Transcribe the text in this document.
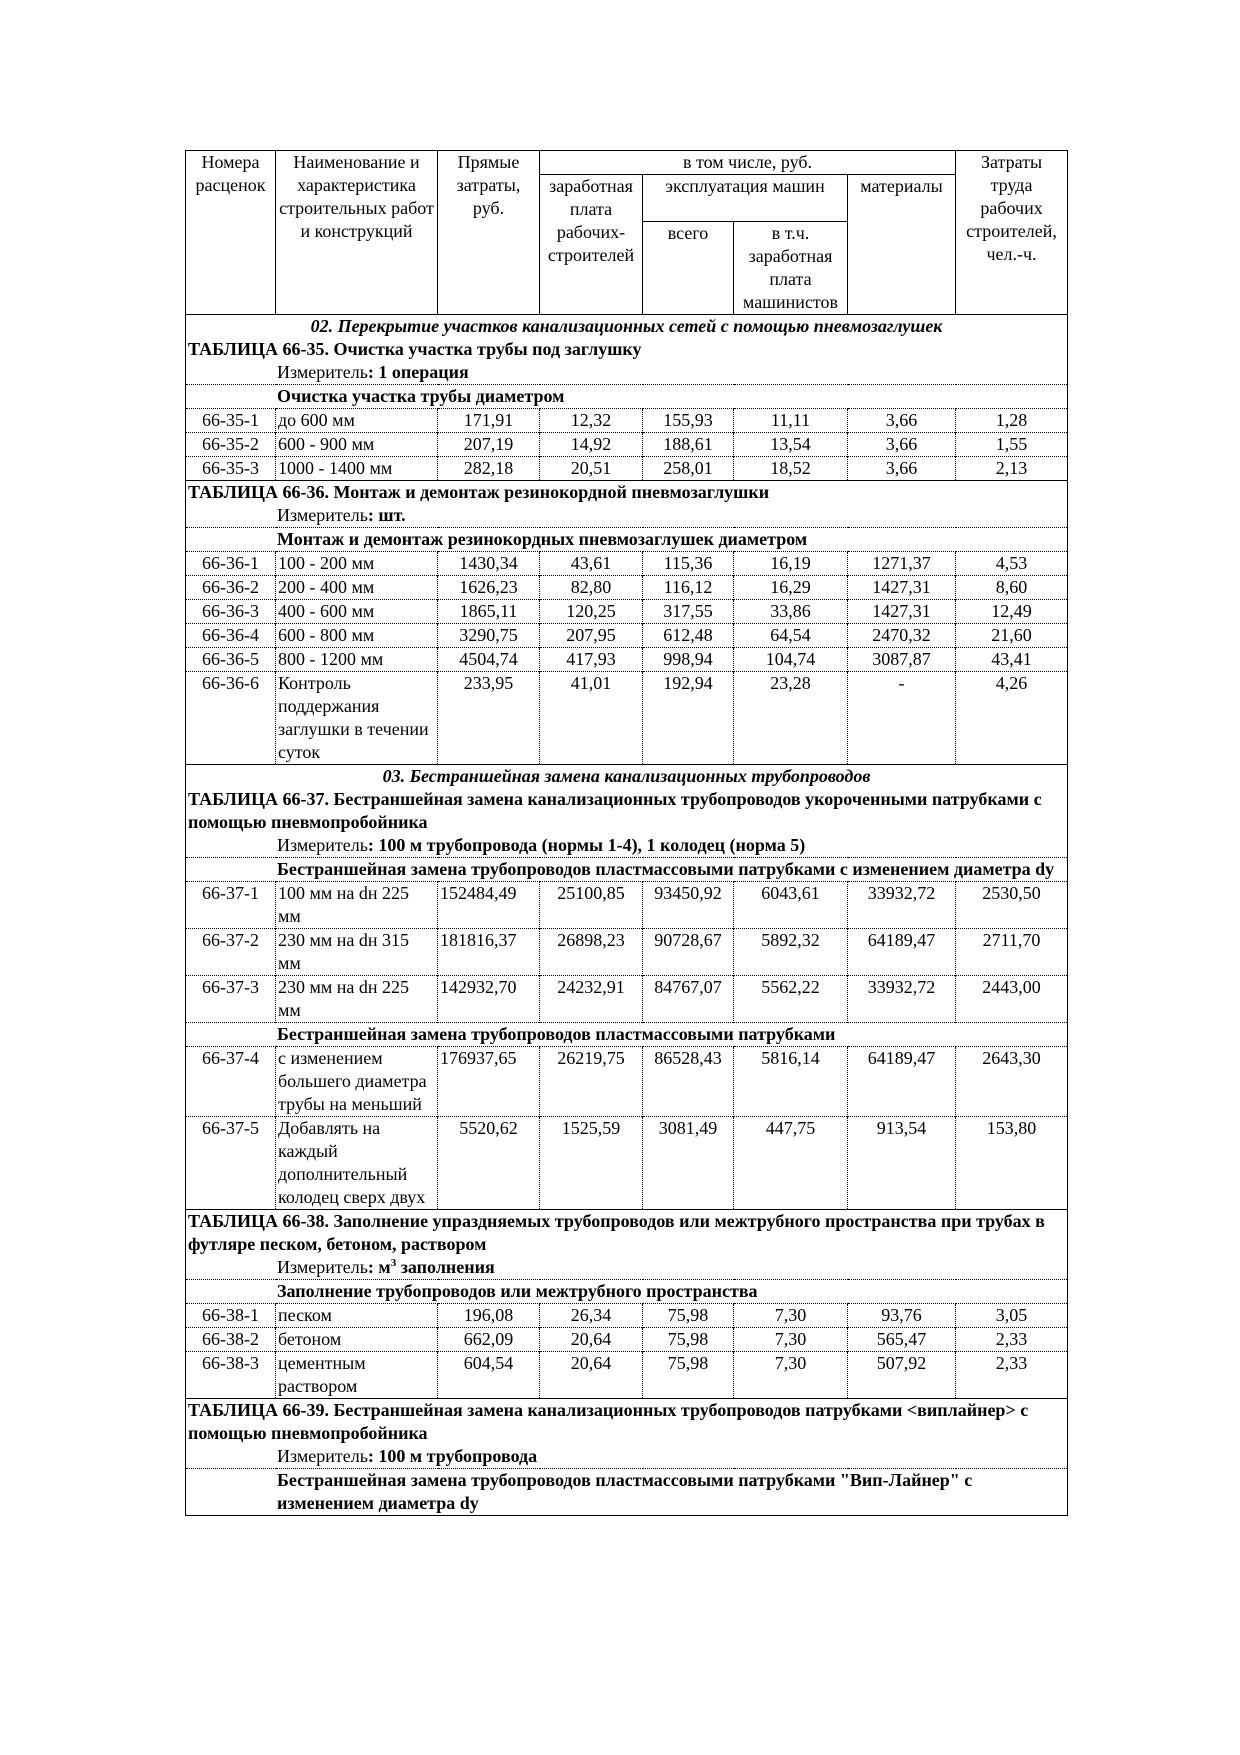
Номера расценок	Наименование и характеристика строительных работ и конструкций	Прямые затраты, руб.	в том числе, руб.				Затраты труда рабочих строителей, чел.-ч.
			заработная плата рабочих-строителей	эксплуатация машин		материалы	
				всего	в т.ч. заработная плата машинистов		
02. Перекрытие участков канализационных сетей с помощью пневмозаглушек							
ТАБЛИЦА 66-35. Очистка участка трубы под заглушку							
Измеритель: 1 операция							
Очистка участка трубы диаметром							
66-35-1	до 600 мм	171,91	12,32	155,93	11,11	3,66	1,28
66-35-2	600 - 900 мм	207,19	14,92	188,61	13,54	3,66	1,55
66-35-3	1000 - 1400 мм	282,18	20,51	258,01	18,52	3,66	2,13
ТАБЛИЦА 66-36. Монтаж и демонтаж резинокордной пневмозаглушки							
Измеритель: шт.							
Монтаж и демонтаж резинокордных пневмозаглушек диаметром							
66-36-1	100 - 200 мм	1430,34	43,61	115,36	16,19	1271,37	4,53
66-36-2	200 - 400 мм	1626,23	82,80	116,12	16,29	1427,31	8,60
66-36-3	400 - 600 мм	1865,11	120,25	317,55	33,86	1427,31	12,49
66-36-4	600 - 800 мм	3290,75	207,95	612,48	64,54	2470,32	21,60
66-36-5	800 - 1200 мм	4504,74	417,93	998,94	104,74	3087,87	43,41
66-36-6	Контроль поддержания заглушки в течении суток	233,95	41,01	192,94	23,28	-	4,26
03. Бестраншейная замена канализационных трубопроводов							
ТАБЛИЦА 66-37. Бестраншейная замена канализационных трубопроводов укороченными патрубками с помощью пневмопробойника							
Измеритель: 100 м трубопровода (нормы 1-4), 1 колодец (норма 5)							
Бестраншейная замена трубопроводов пластмассовыми патрубками с изменением диаметра dу							
66-37-1	100 мм на dн 225 мм	152484,49	25100,85	93450,92	6043,61	33932,72	2530,50
66-37-2	230 мм на dн 315 мм	181816,37	26898,23	90728,67	5892,32	64189,47	2711,70
66-37-3	230 мм на dн 225 мм	142932,70	24232,91	84767,07	5562,22	33932,72	2443,00
Бестраншейная замена трубопроводов пластмассовыми патрубками							
66-37-4	с изменением большего диаметра трубы на меньший	176937,65	26219,75	86528,43	5816,14	64189,47	2643,30
66-37-5	Добавлять на каждый дополнительный колодец сверх двух	5520,62	1525,59	3081,49	447,75	913,54	153,80
ТАБЛИЦА 66-38. Заполнение упраздняемых трубопроводов или межтрубного пространства при трубах в футляре песком, бетоном, раствором							
Измеритель: $м^3$ заполнения							
Заполнение трубопроводов или межтрубного пространства							
66-38-1	песком	196,08	26,34	75,98	7,30	93,76	3,05
66-38-2	бетоном	662,09	20,64	75,98	7,30	565,47	2,33
66-38-3	цементным раствором	604,54	20,64	75,98	7,30	507,92	2,33
ТАБЛИЦА 66-39. Бестраншейная замена канализационных трубопроводов патрубками <виплайнер> с помощью пневмопробойника							
Измеритель: 100 м трубопровода							
Бестраншейная замена трубопроводов пластмассовыми патрубками "Вип-Лайнер" с изменением диаметра dу							
